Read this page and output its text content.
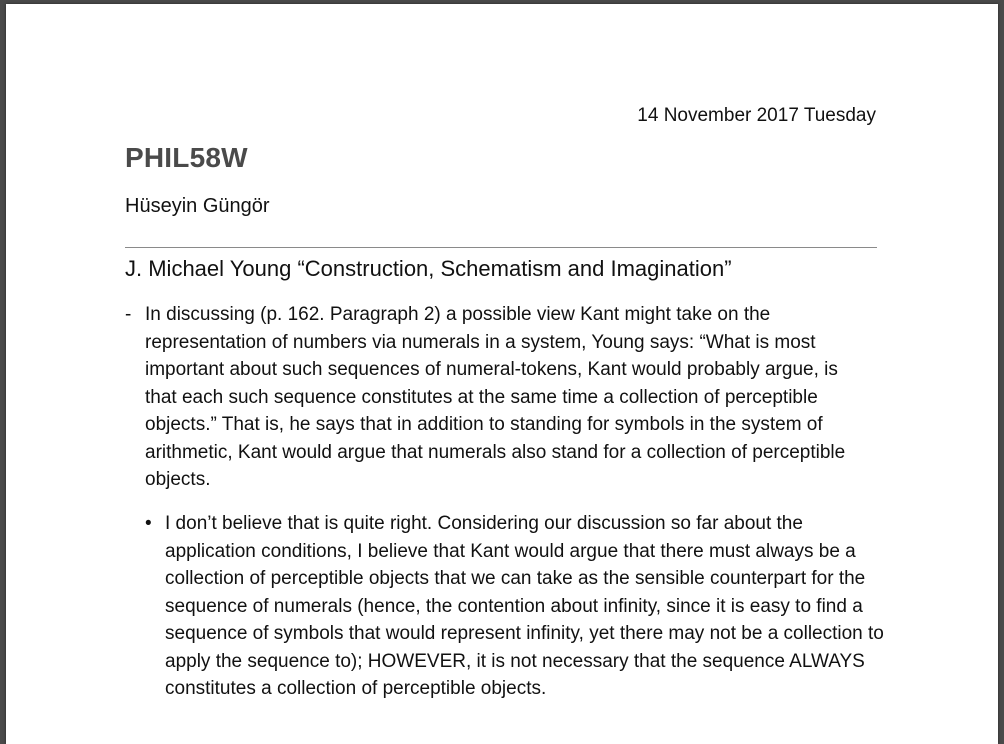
14 November 2017 Tuesday
PHIL58W
Hüseyin Güngör
J. Michael Young “Construction, Schematism and Imagination”
- In discussing (p. 162. Paragraph 2) a possible view Kant might take on the representation of numbers via numerals in a system, Young says: “What is most important about such sequences of numeral-tokens, Kant would probably argue, is that each such sequence constitutes at the same time a collection of perceptible objects.” That is, he says that in addition to standing for symbols in the system of arithmetic, Kant would argue that numerals also stand for a collection of perceptible objects.
• I don’t believe that is quite right. Considering our discussion so far about the application conditions, I believe that Kant would argue that there must always be a collection of perceptible objects that we can take as the sensible counterpart for the sequence of numerals (hence, the contention about infinity, since it is easy to find a sequence of symbols that would represent infinity, yet there may not be a collection to apply the sequence to); HOWEVER, it is not necessary that the sequence ALWAYS constitutes a collection of perceptible objects.
